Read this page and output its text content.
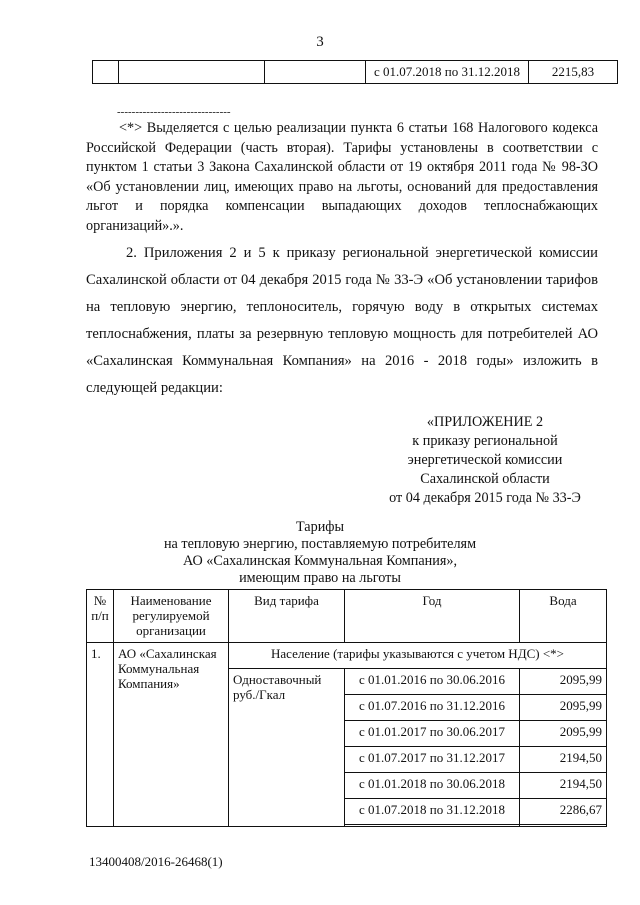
3
			с 01.07.2018 по 31.12.2018	2215,83
-------------------------------
<*> Выделяется с целью реализации пункта 6 статьи 168 Налогового кодекса Российской Федерации (часть вторая). Тарифы установлены в соответствии с пунктом 1 статьи 3 Закона Сахалинской области от 19 октября 2011 года № 98-ЗО «Об установлении лиц, имеющих право на льготы, оснований для предоставления льгот и порядка компенсации выпадающих доходов теплоснабжающих организаций».».
2. Приложения 2 и 5 к приказу региональной энергетической комиссии Сахалинской области от 04 декабря 2015 года № 33-Э «Об установлении тарифов на тепловую энергию, теплоноситель, горячую воду в открытых системах теплоснабжения, платы за резервную тепловую мощность для потребителей АО «Сахалинская Коммунальная Компания» на 2016 - 2018 годы» изложить в следующей редакции:
«ПРИЛОЖЕНИЕ 2
к приказу региональной
энергетической комиссии
Сахалинской области
от 04 декабря 2015 года № 33-Э
Тарифы
на тепловую энергию, поставляемую потребителям
АО «Сахалинская Коммунальная Компания»,
имеющим право на льготы
№ п/п	Наименование регулируемой организации	Вид тарифа	Год	Вода
1.	АО «Сахалинская Коммунальная Компания»	Население (тарифы указываются с учетом НДС) <*>		
		Одноставочный руб./Гкал	с 01.01.2016 по 30.06.2016	2095,99
			с 01.07.2016 по 31.12.2016	2095,99
			с 01.01.2017 по 30.06.2017	2095,99
			с 01.07.2017 по 31.12.2017	2194,50
			с 01.01.2018 по 30.06.2018	2194,50
			с 01.07.2018 по 31.12.2018	2286,67

13400408/2016-26468(1)
